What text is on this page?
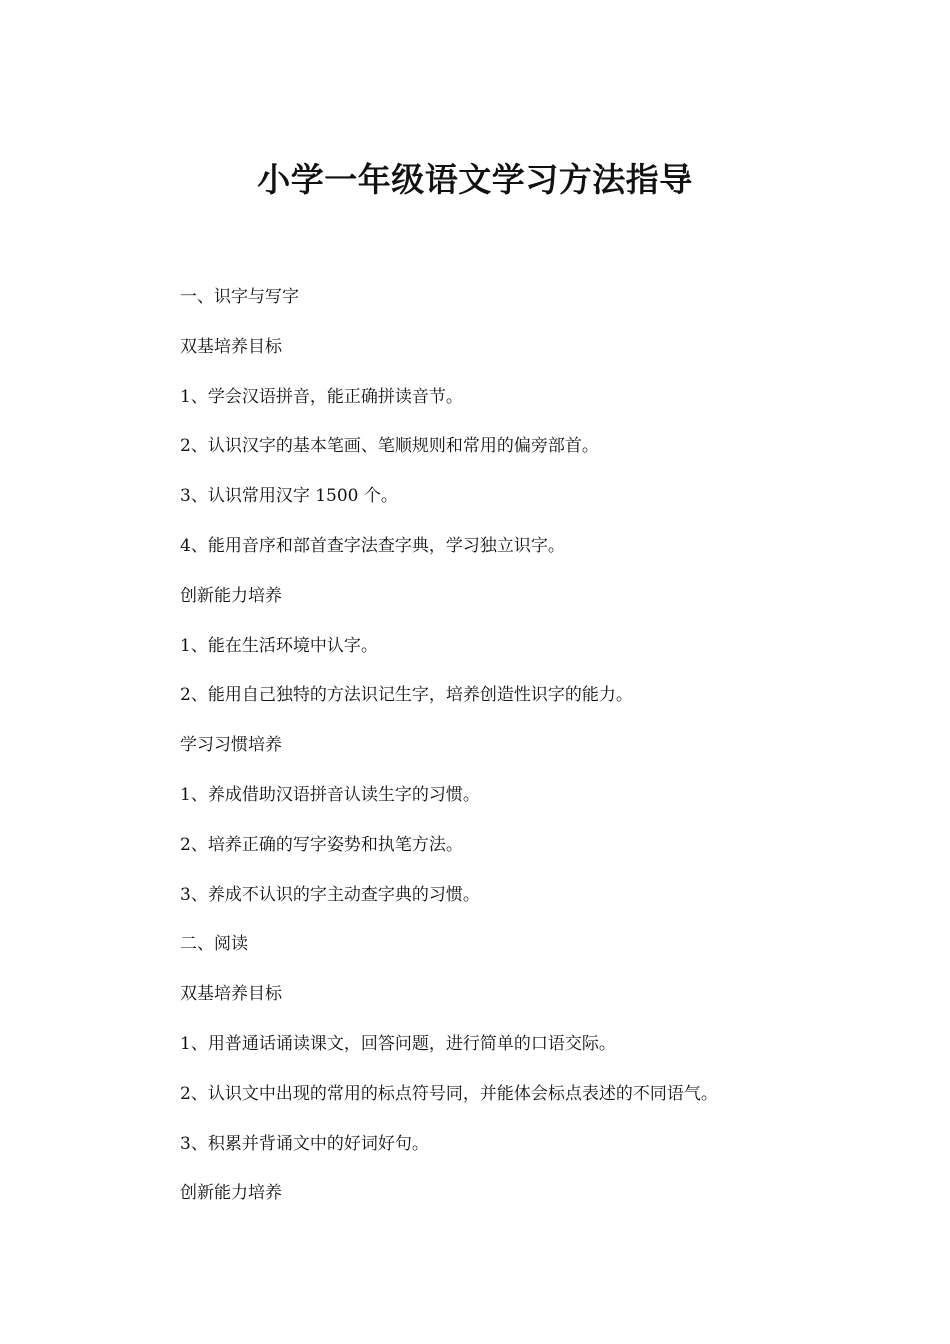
小学一年级语文学习方法指导

一、识字与写字

双基培养目标

1、学会汉语拼音，能正确拼读音节。

2、认识汉字的基本笔画、笔顺规则和常用的偏旁部首。

3、认识常用汉字 1500 个。

4、能用音序和部首查字法查字典，学习独立识字。

创新能力培养

1、能在生活环境中认字。

2、能用自己独特的方法识记生字，培养创造性识字的能力。

学习习惯培养

1、养成借助汉语拼音认读生字的习惯。

2、培养正确的写字姿势和执笔方法。

3、养成不认识的字主动查字典的习惯。

二、阅读

双基培养目标

1、用普通话诵读课文，回答问题，进行简单的口语交际。

2、认识文中出现的常用的标点符号同，并能体会标点表述的不同语气。

3、积累并背诵文中的好词好句。

创新能力培养
